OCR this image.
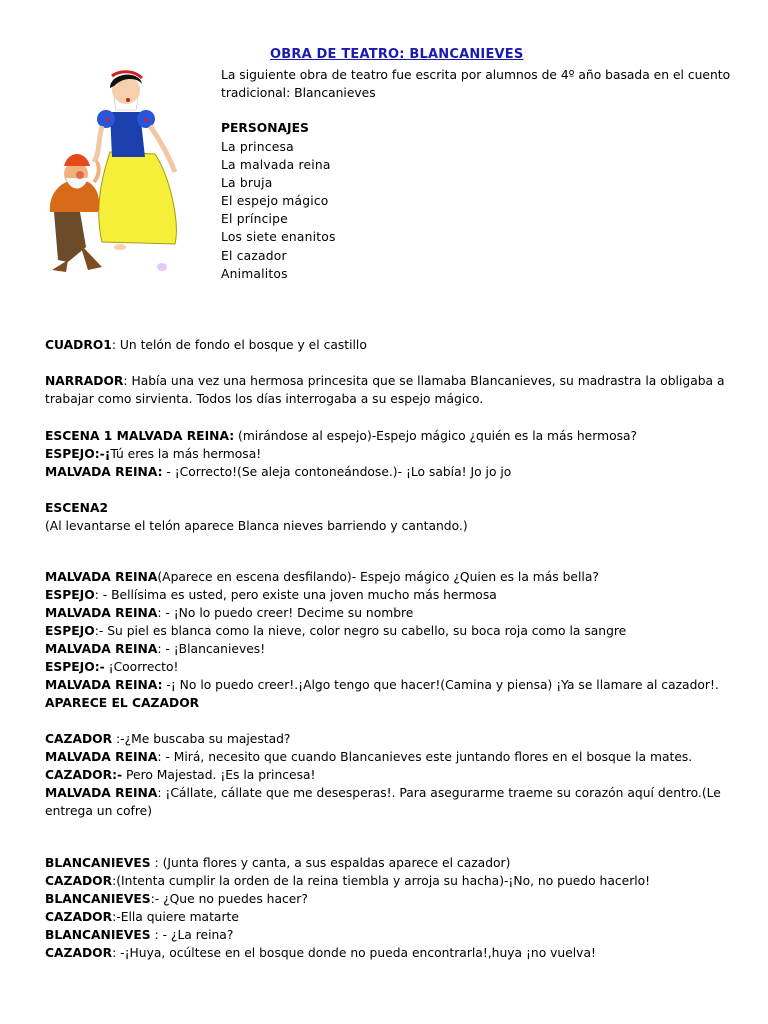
OBRA DE TEATRO: BLANCANIEVES
La siguiente obra de teatro fue escrita por alumnos de 4º año basada en el cuento tradicional: Blancanieves
PERSONAJES
La princesa
La malvada reina
La bruja
El espejo mágico
El príncipe
Los siete enanitos
El cazador
Animalitos
CUADRO1: Un telón de fondo el bosque y el castillo
NARRADOR: Había una vez una hermosa princesita que se llamaba Blancanieves, su madrastra la obligaba a trabajar como sirvienta. Todos los días interrogaba a su espejo mágico.
ESCENA 1 MALVADA REINA: (mirándose al espejo)-Espejo mágico ¿quién es la más hermosa?
ESPEJO:-¡Tú eres la más hermosa!
MALVADA REINA: - ¡Correcto!(Se aleja contoneándose.)- ¡Lo sabía! Jo jo jo
ESCENA2
(Al levantarse el telón aparece Blanca nieves barriendo y cantando.)
MALVADA REINA(Aparece en escena desfilando)- Espejo mágico ¿Quien es la más bella?
ESPEJO: - Bellísima es usted, pero existe una joven mucho más hermosa
MALVADA REINA: - ¡No lo puedo creer! Decime su nombre
ESPEJO:- Su piel es blanca como la nieve, color negro su cabello, su boca roja como la sangre
MALVADA REINA: - ¡Blancanieves!
ESPEJO:- ¡Coorrecto!
MALVADA REINA: -¡ No lo puedo creer!.¡Algo tengo que hacer!(Camina y piensa) ¡Ya se llamare al cazador!.
APARECE EL CAZADOR
CAZADOR :-¿Me buscaba su majestad?
MALVADA REINA: - Mirá, necesito que cuando Blancanieves este juntando flores en el bosque la mates.
CAZADOR:- Pero Majestad. ¡Es la princesa!
MALVADA REINA: ¡Cállate, cállate que me desesperas!. Para asegurarme traeme su corazón aquí dentro.(Le entrega un cofre)
BLANCANIEVES : (Junta flores y canta, a sus espaldas aparece el cazador)
CAZADOR:(Intenta cumplir la orden de la reina tiembla y arroja su hacha)-¡No, no puedo hacerlo!
BLANCANIEVES:- ¿Que no puedes hacer?
CAZADOR:-Ella quiere matarte
BLANCANIEVES : - ¿La reina?
CAZADOR: -¡Huya, ocúltese en el bosque donde no pueda encontrarla!,huya ¡no vuelva!
